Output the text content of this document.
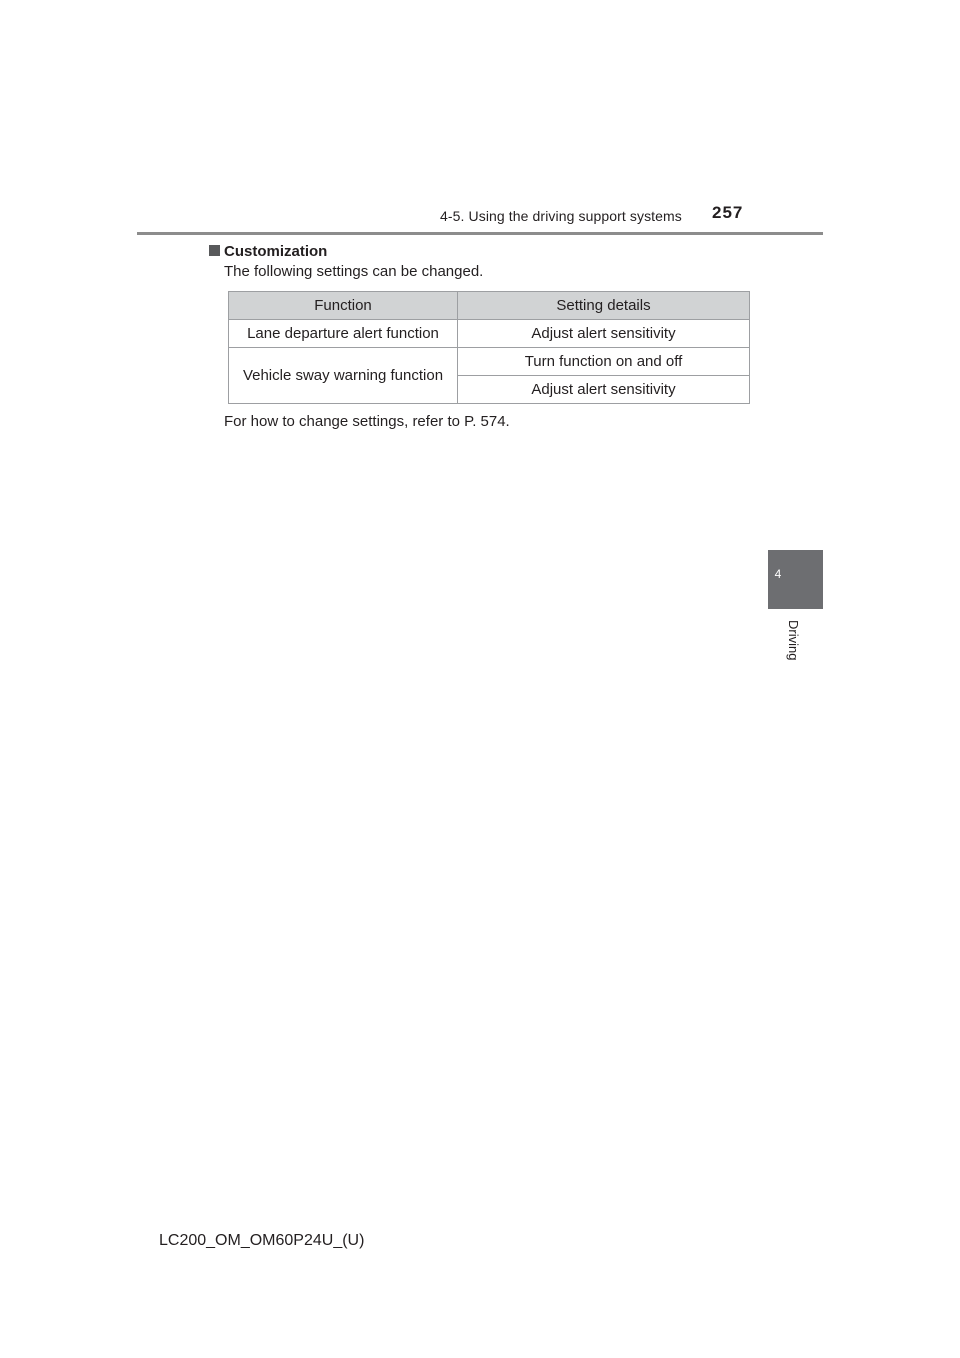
4-5. Using the driving support systems 257
4
Driving
Customization
The following settings can be changed.
Function	Setting details
Lane departure alert function	Adjust alert sensitivity
Vehicle sway warning function	Turn function on and off
	Adjust alert sensitivity
For how to change settings, refer to P. 574.
LC200_OM_OM60P24U_(U)
